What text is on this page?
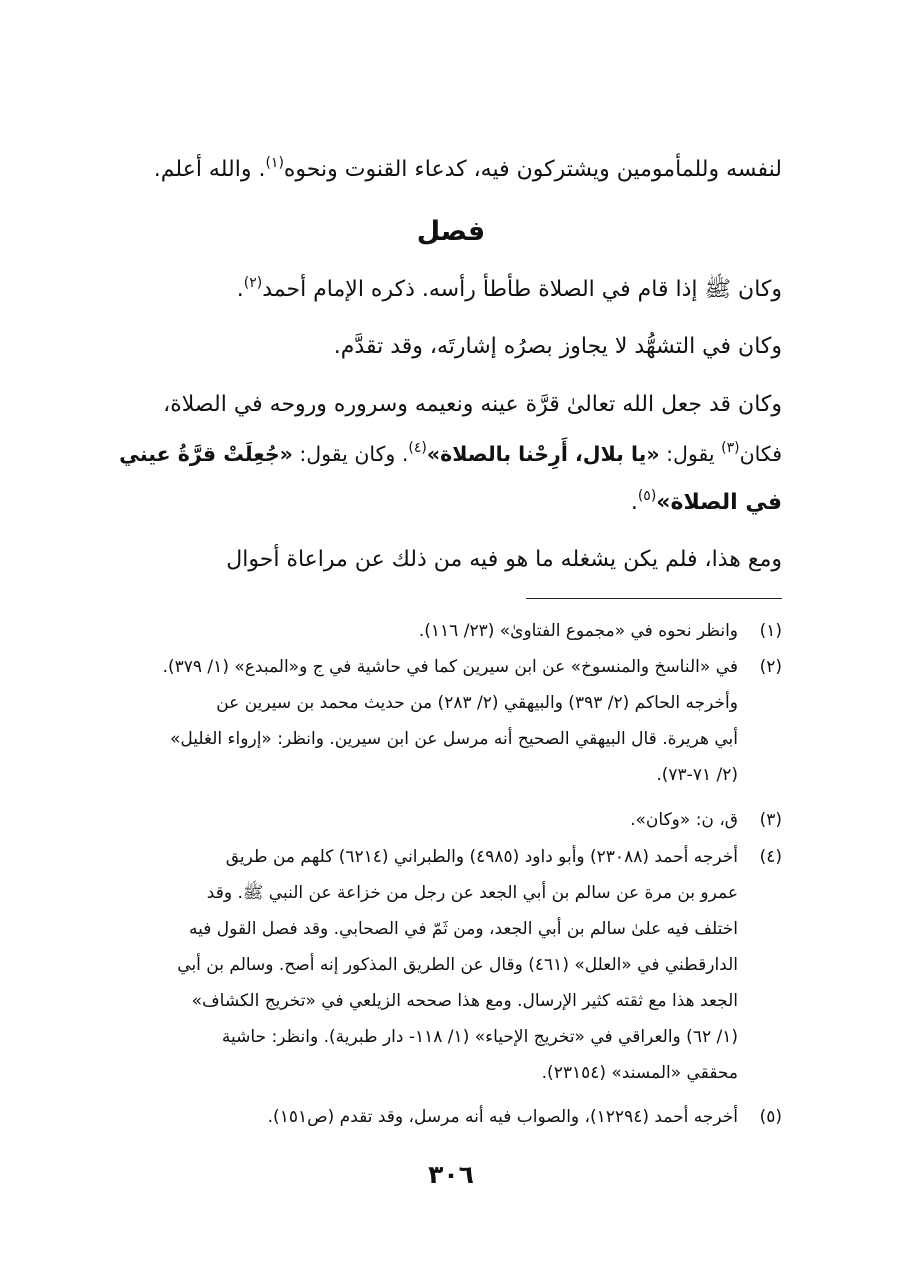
لنفسه وللمأمومين ويشتركون فيه، كدعاء القنوت ونحوه$^{(١)}$. والله أعلم.
فصل
وكان ﷺ إذا قام في الصلاة طأطأ رأسه. ذكره الإمام أحمد$^{(٢)}$.
وكان في التشهُّد لا يجاوز بصرُه إشارتَه، وقد تقدَّم.
وكان قد جعل الله تعالىٰ قرَّة عينه ونعيمه وسروره وروحه في الصلاة،
فكان$^{(٣)}$ يقول: «يا بلال، أَرِحْنا بالصلاة»$^{(٤)}$. وكان يقول: «جُعِلَتْ قرَّةُ عيني
في الصلاة»$^{(٥)}$.
ومع هذا، فلم يكن يشغله ما هو فيه من ذلك عن مراعاة أحوال
(١)وانظر نحوه في «مجموع الفتاوىٰ» (٢٣/ ١١٦).
(٢)في «الناسخ والمنسوخ» عن ابن سيرين كما في حاشية في ج و«المبدع» (١/ ٣٧٩).
وأخرجه الحاكم (٢/ ٣٩٣) والبيهقي (٢/ ٢٨٣) من حديث محمد بن سيرين عن
أبي هريرة. قال البيهقي الصحيح أنه مرسل عن ابن سيرين. وانظر: «إرواء الغليل»
(٢/ ٧١-٧٣).
(٣)ق، ن: «وكان».
(٤)أخرجه أحمد (٢٣٠٨٨) وأبو داود (٤٩٨٥) والطبراني (٦٢١٤) كلهم من طريق
عمرو بن مرة عن سالم بن أبي الجعد عن رجل من خزاعة عن النبي ﷺ. وقد
اختلف فيه علىٰ سالم بن أبي الجعد، ومن ثَمّ في الصحابي. وقد فصل القول فيه
الدارقطني في «العلل» (٤٦١) وقال عن الطريق المذكور إنه أصح. وسالم بن أبي
الجعد هذا مع ثقته كثير الإرسال. ومع هذا صححه الزيلعي في «تخريج الكشاف»
(١/ ٦٢) والعراقي في «تخريج الإحياء» (١/ ١١٨- دار طبرية). وانظر: حاشية
محققي «المسند» (٢٣١٥٤).
(٥)أخرجه أحمد (١٢٢٩٤)، والصواب فيه أنه مرسل، وقد تقدم (ص١٥١).
٣٠٦
